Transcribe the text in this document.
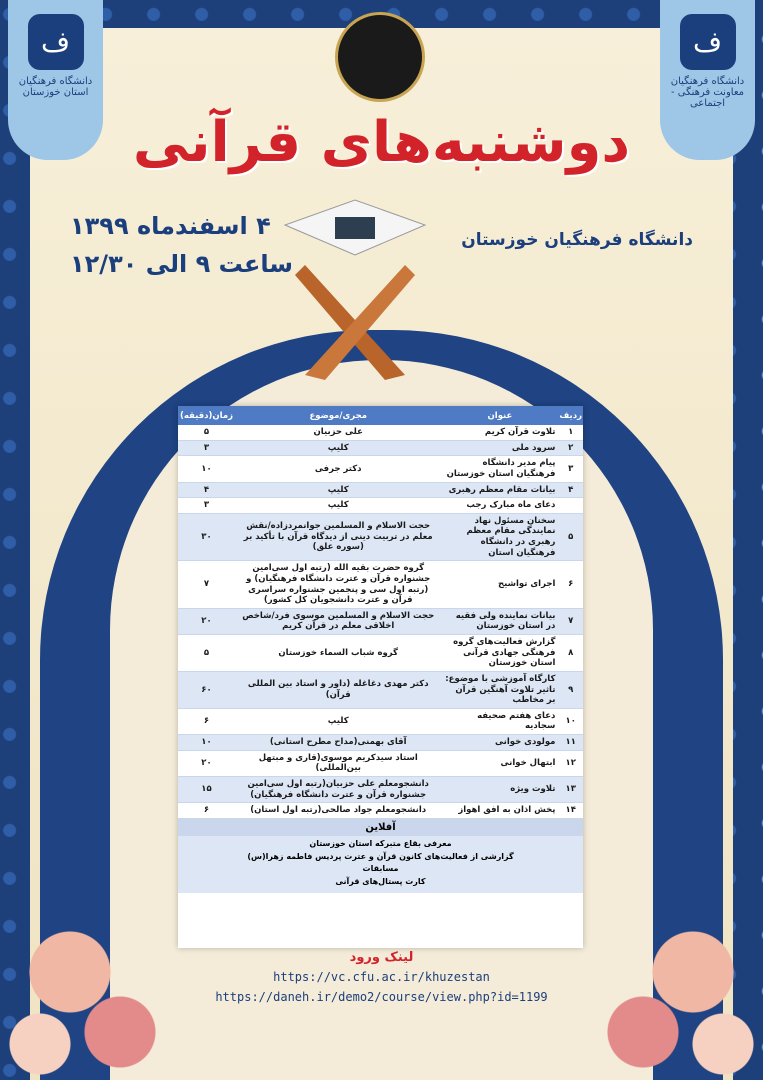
ف
دانشگاه فرهنگیان
استان خوزستان
ف
دانشگاه فرهنگیان
معاونت فرهنگی - اجتماعی
دوشنبه‌های قرآنی
۴ اسفندماه ۱۳۹۹
ساعت ۹ الی ۱۲/۳۰
دانشگاه فرهنگیان خوزستان
ردیف	عنوان	مجری/موضوع	زمان(دقیقه)
۱	تلاوت قرآن کریم	علی حزبیان	۵
۲	سرود ملی	کلیپ	۳
۳	پیام مدیر دانشگاه فرهنگیان استان خوزستان	دکتر جرفی	۱۰
۴	بیانات مقام معظم رهبری	کلیپ	۴
	دعای ماه مبارک رجب	کلیپ	۳
۵	سخنان مسئول نهاد نمایندگی مقام معظم رهبری در دانشگاه فرهنگیان استان	حجت الاسلام و المسلمین جوانمردزاده/نقش معلم در تربیت دینی از دیدگاه قرآن با تأکید بر (سوره علق)	۳۰
۶	اجرای تواشیح	گروه حضرت بقیه الله (رتبه اول سی‌امین جشنواره قرآن و عترت دانشگاه فرهنگیان) و (رتبه اول سی و پنجمین جشنواره سراسری قرآن و عترت دانشجویان کل کشور)	۷
۷	بیانات نماینده ولی فقیه در استان خوزستان	حجت الاسلام و المسلمین موسوی فرد/شاخص اخلاقی معلم در قرآن کریم	۲۰
۸	گزارش فعالیت‌های گروه فرهنگی جهادی قرآنی استان خوزستان	گروه شباب السماء خوزستان	۵
۹	کارگاه آموزشی با موضوع: تاثیر تلاوت آهنگین قرآن بر مخاطب	دکتر مهدی دغاغله (داور و استاد بین المللی قرآن)	۶۰
۱۰	دعای هفتم صحیفه سجادیه	کلیپ	۶
۱۱	مولودی خوانی	آقای بهمنی(مداح مطرح استانی)	۱۰
۱۲	ابتهال خوانی	استاد سیدکریم موسوی(قاری و مبتهل بین‌المللی)	۲۰
۱۳	تلاوت ویژه	دانشجومعلم علی حزبیان(رتبه اول سی‌امین جشنواره قرآن و عترت دانشگاه فرهنگیان)	۱۵
۱۴	پخش اذان به افق اهواز	دانشجومعلم جواد صالحی(رتبه اول استان)	۶
آفلاین
معرفی بقاع متبرکه استان خوزستان
گزارشی از فعالیت‌های کانون قرآن و عترت پردیس فاطمه زهرا(س)
مسابقات
کارت پستال‌های قرآنی
لینک ورود
https://vc.cfu.ac.ir/khuzestan
https://daneh.ir/demo2/course/view.php?id=1199
